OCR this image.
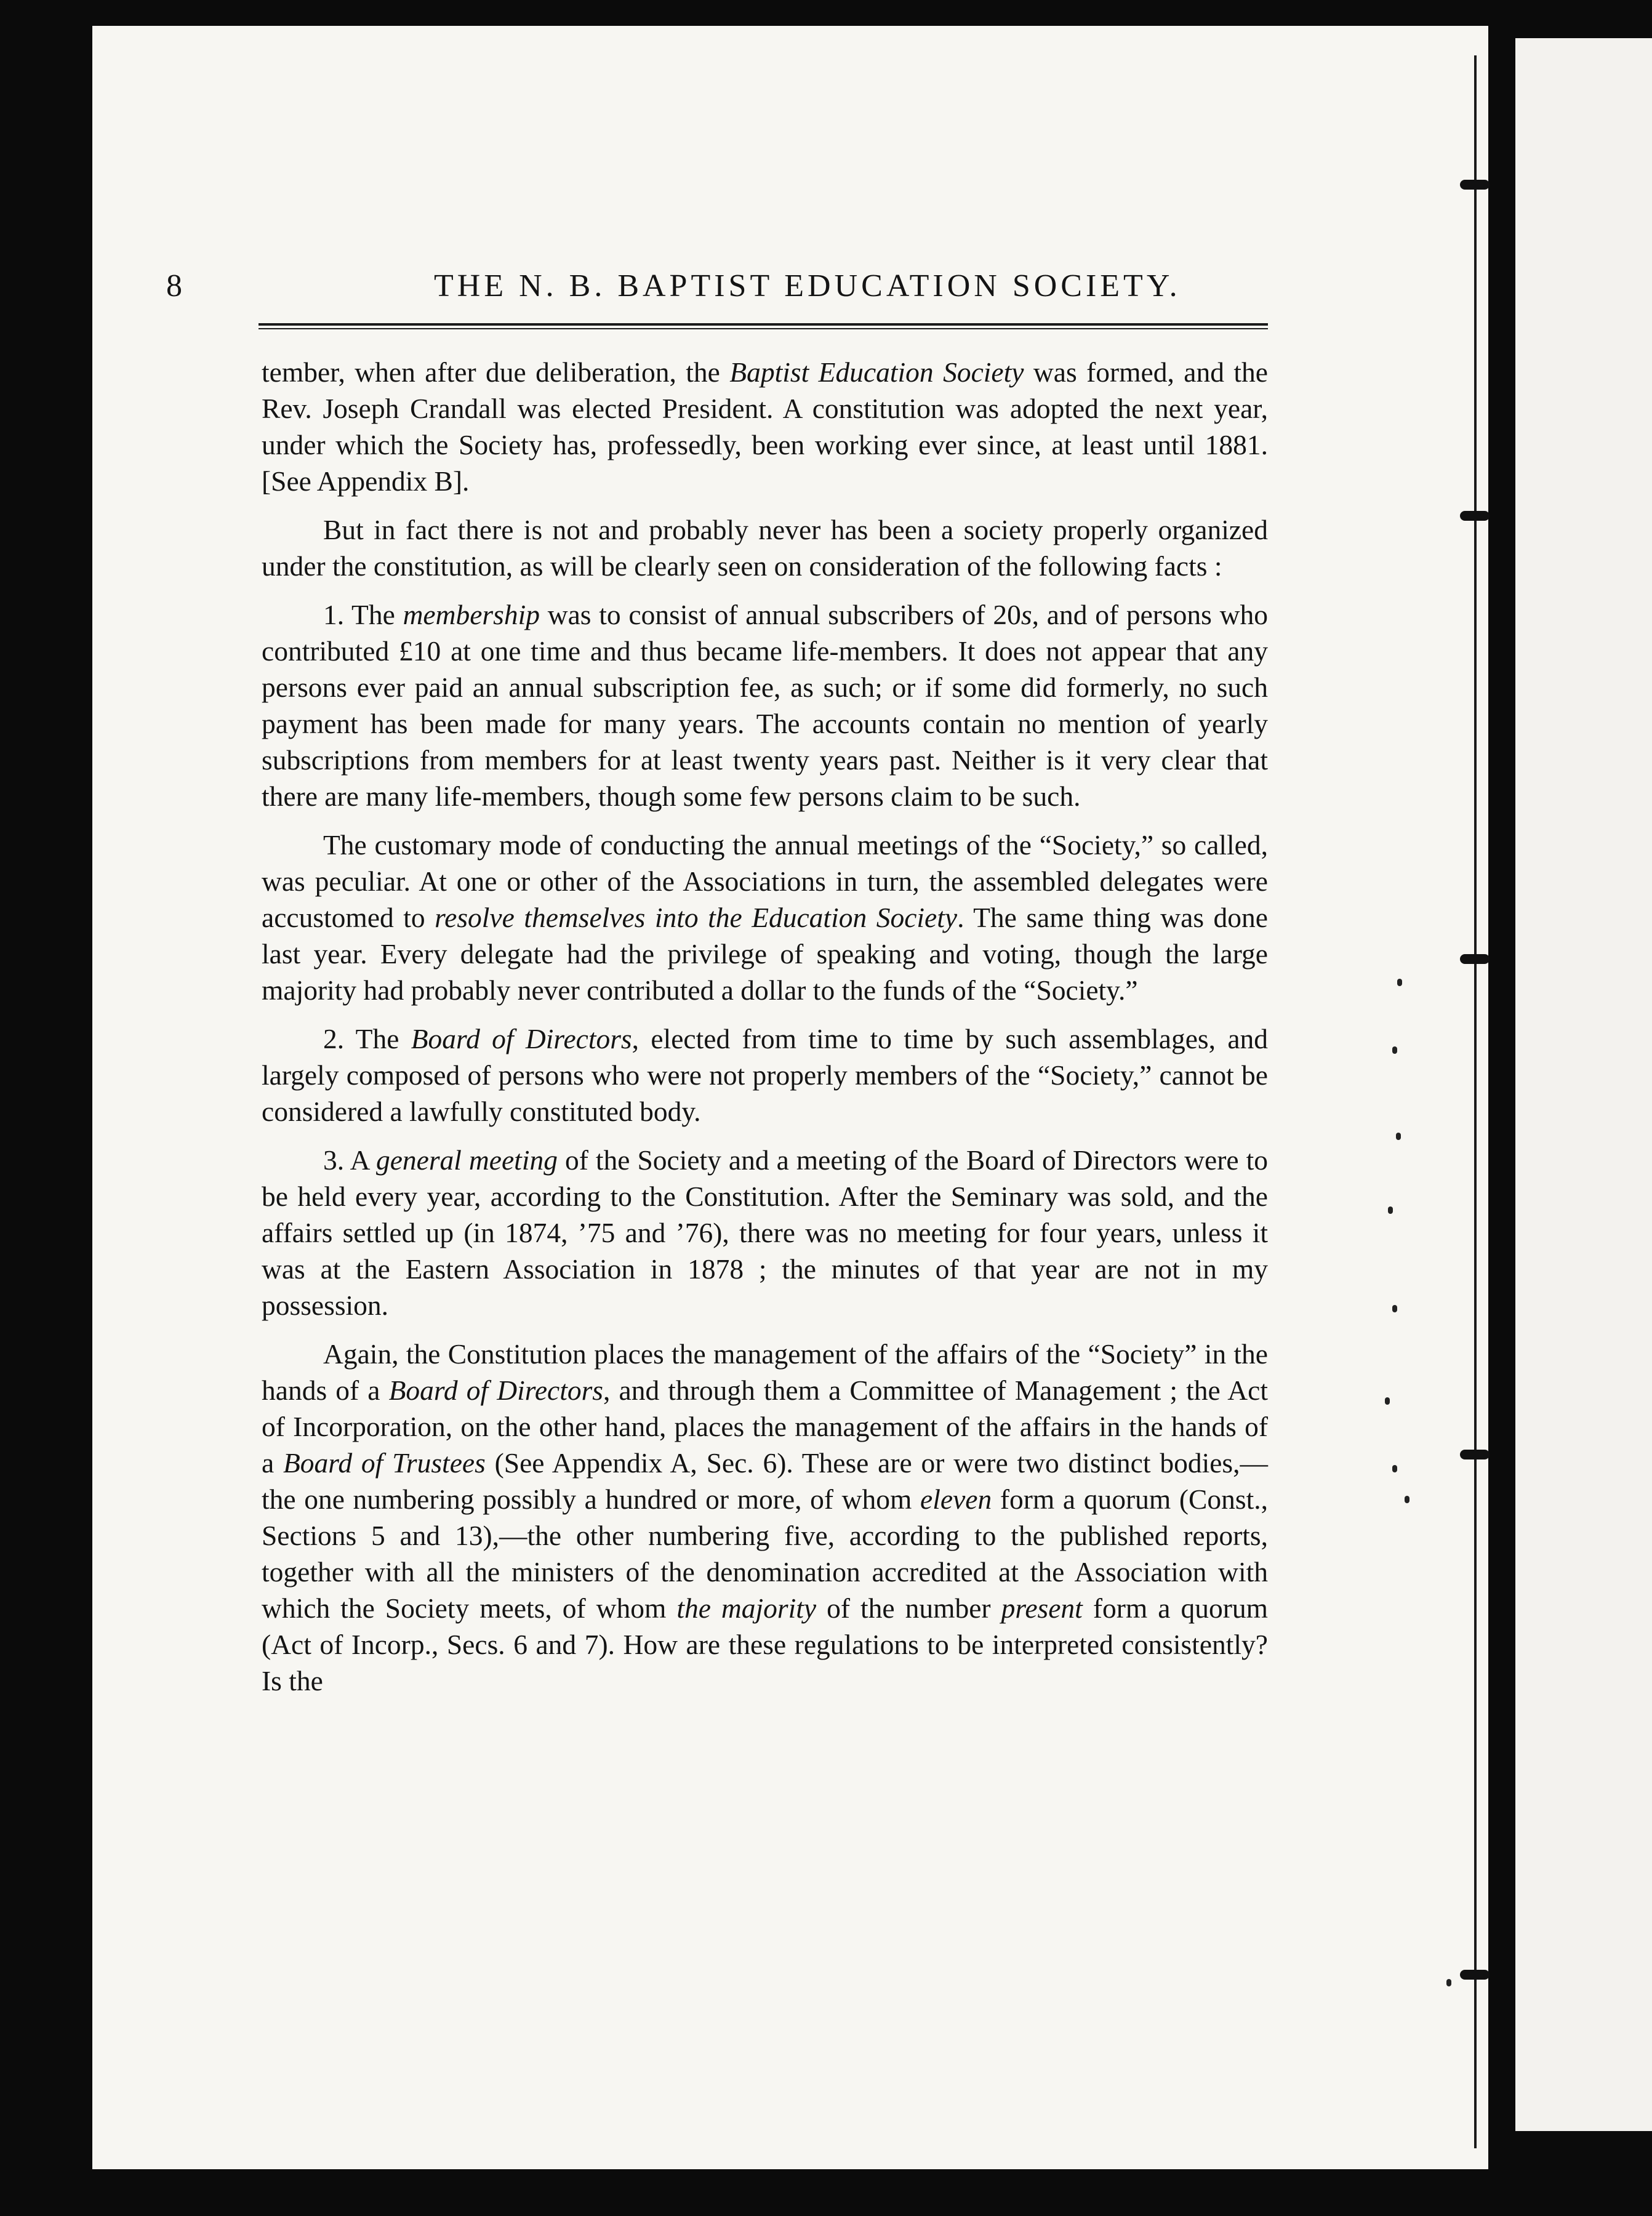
8	THE N. B. BAPTIST EDUCATION SOCIETY.

tember, when after due deliberation, the Baptist Education Society was formed, and the Rev. Joseph Crandall was elected President. A constitution was adopted the next year, under which the Society has, professedly, been working ever since, at least until 1881. [See Appendix B].

But in fact there is not and probably never has been a society properly organized under the constitution, as will be clearly seen on consideration of the following facts :

1. The membership was to consist of annual subscribers of 20s, and of persons who contributed £10 at one time and thus became life-members. It does not appear that any persons ever paid an annual subscription fee, as such; or if some did formerly, no such payment has been made for many years. The accounts contain no mention of yearly subscriptions from members for at least twenty years past. Neither is it very clear that there are many life-members, though some few persons claim to be such.

The customary mode of conducting the annual meetings of the “Society,” so called, was peculiar. At one or other of the Associations in turn, the assembled delegates were accustomed to resolve themselves into the Education Society. The same thing was done last year. Every delegate had the privilege of speaking and voting, though the large majority had probably never contributed a dollar to the funds of the “Society.”

2. The Board of Directors, elected from time to time by such assemblages, and largely composed of persons who were not properly members of the “Society,” cannot be considered a lawfully constituted body.

3. A general meeting of the Society and a meeting of the Board of Directors were to be held every year, according to the Constitution. After the Seminary was sold, and the affairs settled up (in 1874, ’75 and ’76), there was no meeting for four years, unless it was at the Eastern Association in 1878 ; the minutes of that year are not in my possession.

Again, the Constitution places the management of the affairs of the “Society” in the hands of a Board of Directors, and through them a Committee of Management ; the Act of Incorporation, on the other hand, places the management of the affairs in the hands of a Board of Trustees (See Appendix A, Sec. 6). These are or were two distinct bodies,—the one numbering possibly a hundred or more, of whom eleven form a quorum (Const., Sections 5 and 13),—the other numbering five, according to the published reports, together with all the ministers of the denomination accredited at the Association with which the Society meets, of whom the majority of the number present form a quorum (Act of Incorp., Secs. 6 and 7). How are these regulations to be interpreted consistently? Is the
